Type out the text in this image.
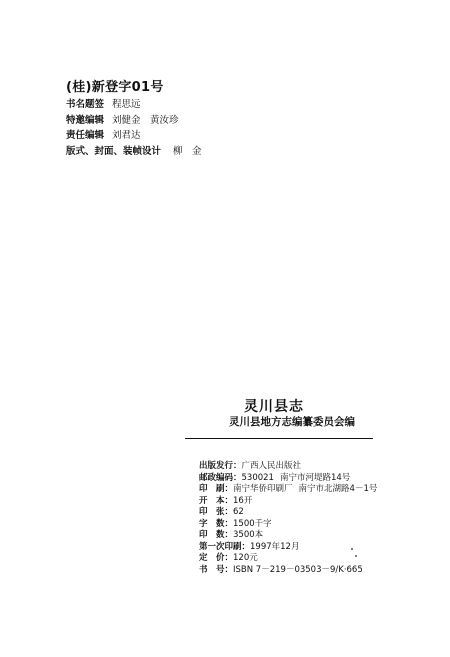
(桂)新登字01号
书名题签 程思远
特邀编辑 刘健金　黄汝珍
责任编辑 刘君达
版式、封面、装帧设计 柳　金
灵川县志
灵川县地方志编纂委员会编
出版发行：广西人民出版社
邮政编码：530021 南宁市河堤路14号
印　刷：南宁华侨印刷厂 南宁市北湖路4－1号
开　本：16开
印　张：62
字　数：1500千字
印　数：3500本
第一次印刷：1997年12月
定　价：120元
书　号：ISBN 7－219－03503－9/K·665
